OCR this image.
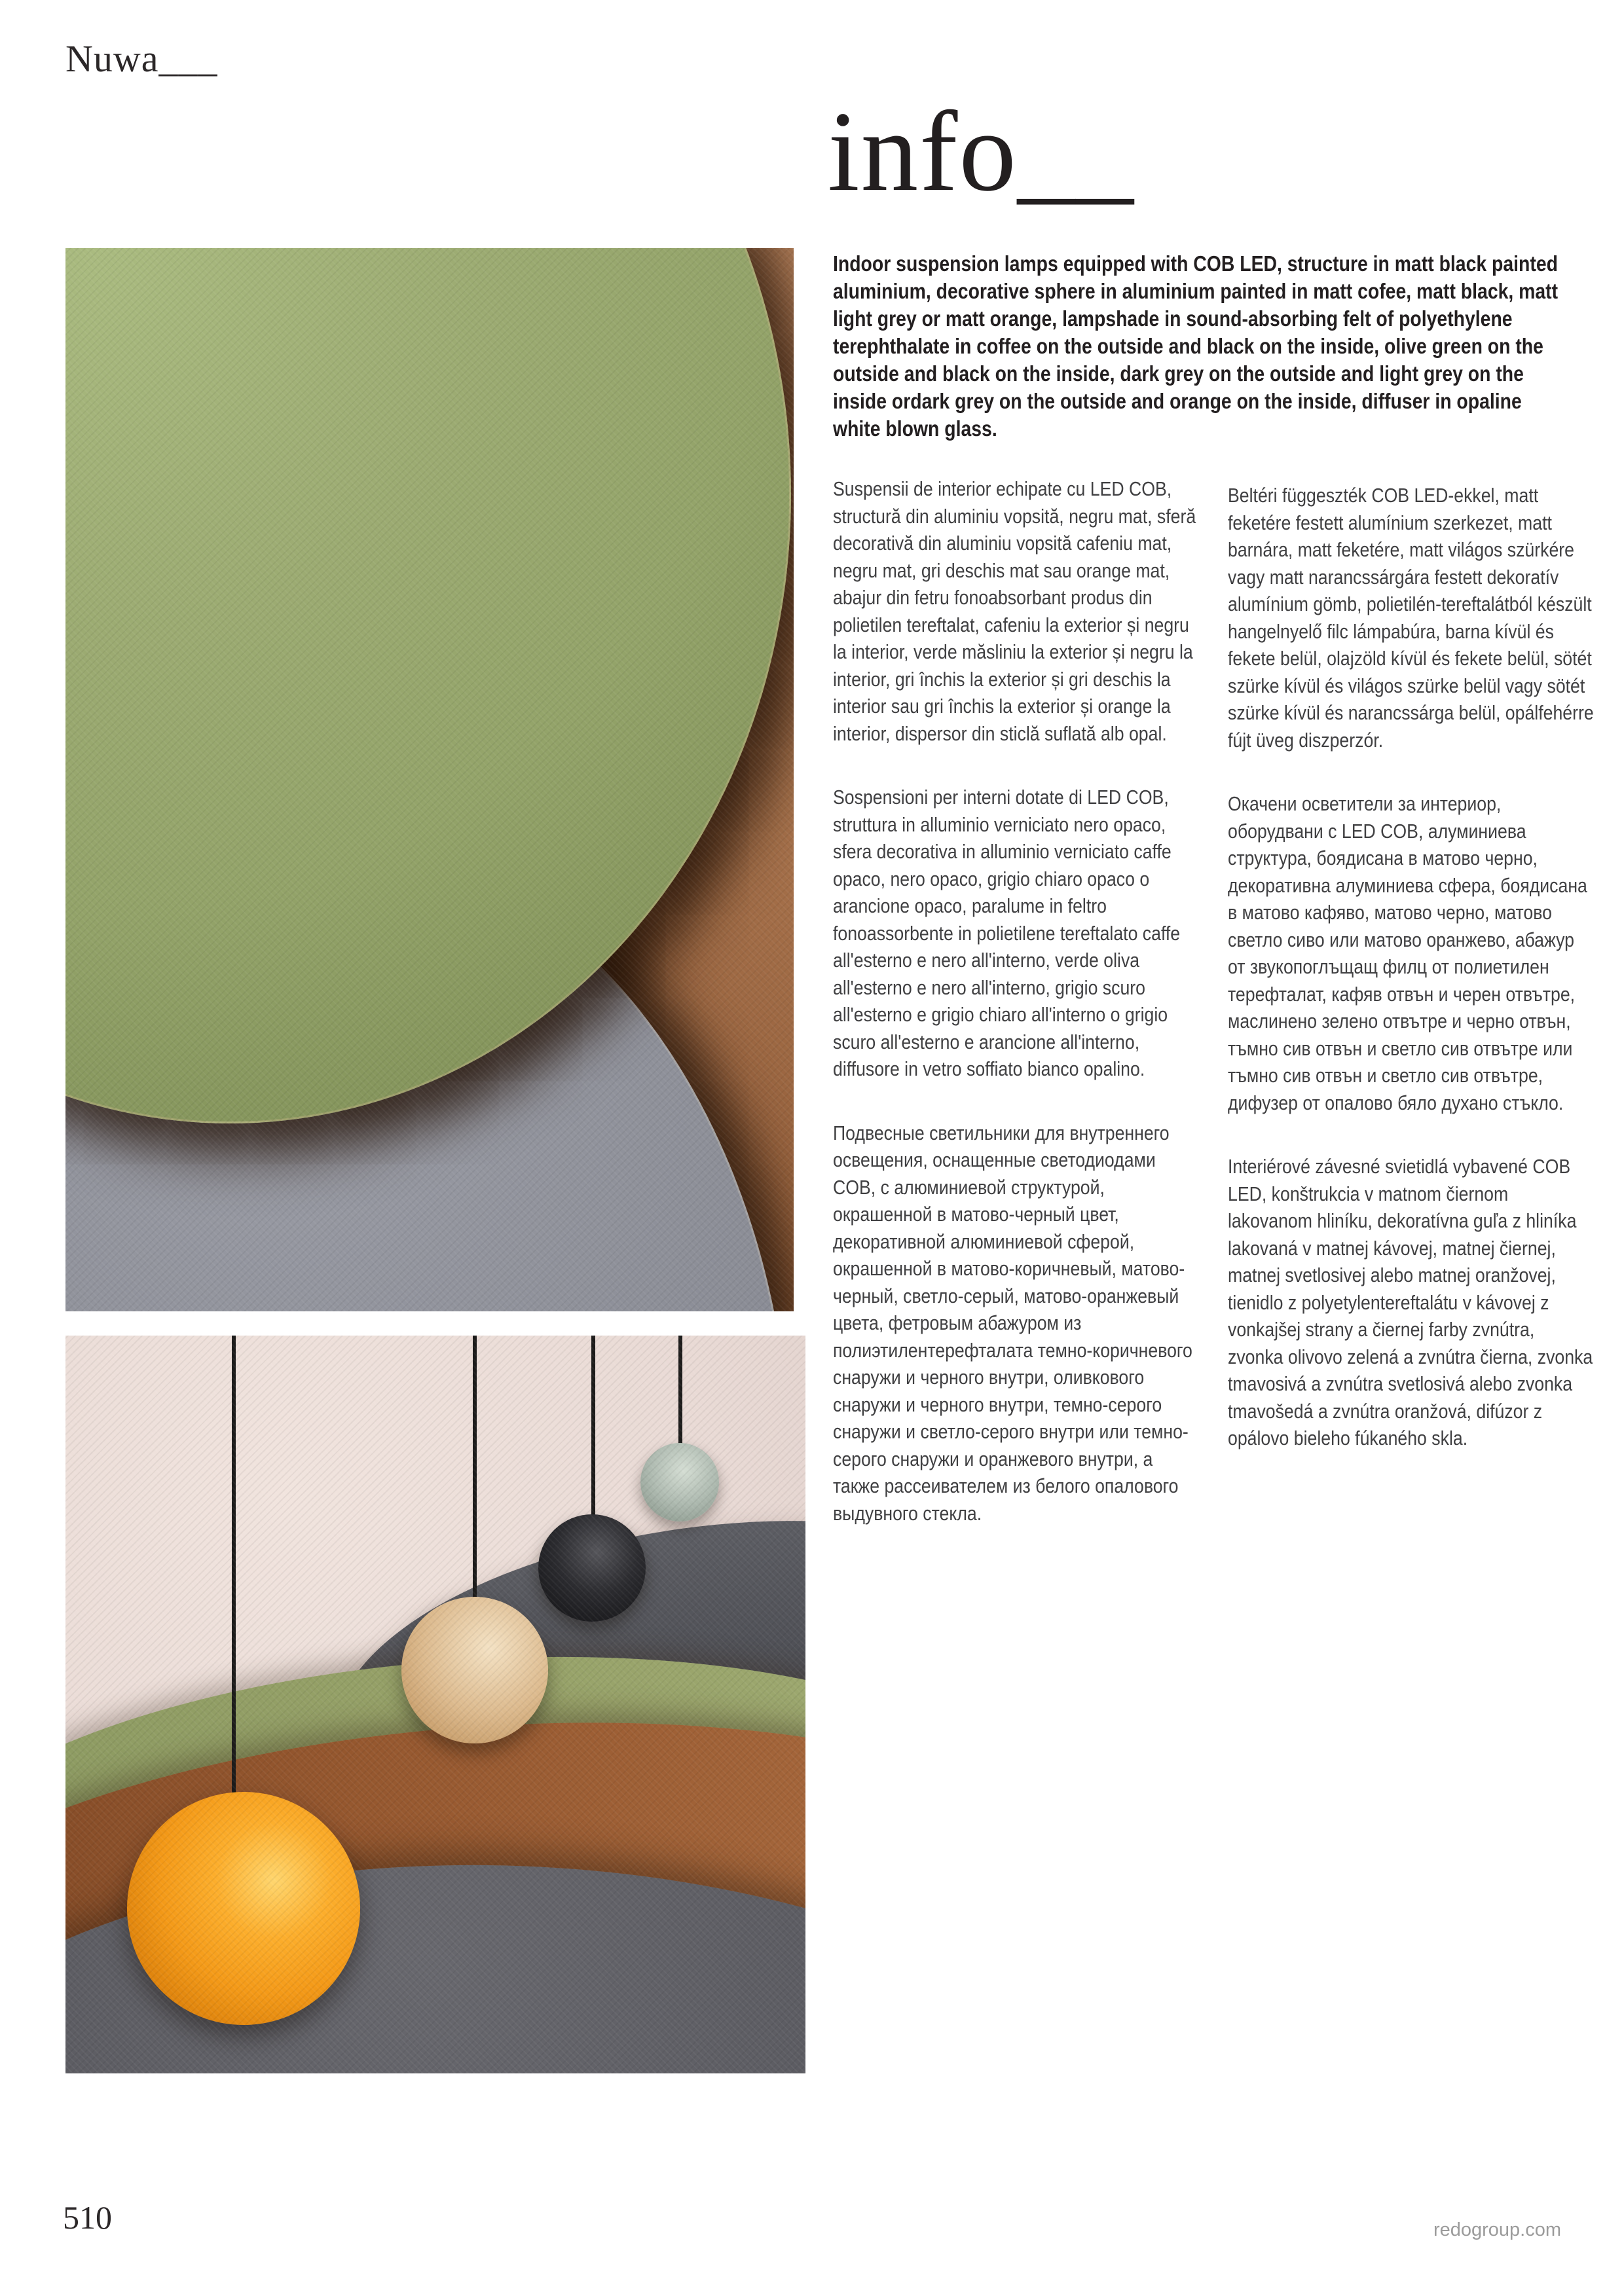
Nuwa___
info__
Indoor suspension lamps equipped with COB LED, structure in matt black painted aluminium, decorative sphere in aluminium painted in matt cofee, matt black, matt light grey or matt orange, lampshade in sound-absorbing felt of polyethylene terephthalate in coffee on the outside and black on the inside, olive green on the outside and black on the inside, dark grey on the outside and light grey on the inside ordark grey on the outside and orange on the inside, diffuser in opaline white blown glass.

Suspensii de interior echipate cu LED COB, structură din aluminiu vopsită, negru mat, sferă decorativă din aluminiu vopsită cafeniu mat, negru mat, gri deschis mat sau orange mat, abajur din fetru fonoabsorbant produs din polietilen tereftalat, cafeniu la exterior și negru la interior, verde măsliniu la exterior și negru la interior, gri închis la exterior și gri deschis la interior sau gri închis la exterior și orange la interior, dispersor din sticlă suflată alb opal.

Sospensioni per interni dotate di LED COB, struttura in alluminio verniciato nero opaco, sfera decorativa in alluminio verniciato caffe opaco, nero opaco, grigio chiaro opaco o arancione opaco, paralume in feltro fonoassorbente in polietilene tereftalato caffe all'esterno e nero all'interno, verde oliva all'esterno e nero all'interno, grigio scuro all'esterno e grigio chiaro all'interno o grigio scuro all'esterno e arancione all'interno, diffusore in vetro soffiato bianco opalino.

Подвесные светильники для внутреннего освещения, оснащенные светодиодами COB, с алюминиевой структурой, окрашенной в матово-черный цвет, декоративной алюминиевой сферой, окрашенной в матово-коричневый, матово-черный, светло-серый, матово-оранжевый цвета, фетровым абажуром из полиэтилентерефталата темно-коричневого снаружи и черного внутри, оливкового снаружи и черного внутри, темно-серого снаружи и светло-серого внутри или темно-серого снаружи и оранжевого внутри, а также рассеивателем из белого опалового выдувного стекла.

Beltéri függeszték COB LED-ekkel, matt feketére festett alumínium szerkezet, matt barnára, matt feketére, matt világos szürkére vagy matt narancssárgára festett dekoratív alumínium gömb, polietilén-tereftalátból készült hangelnyelő filc lámpabúra, barna kívül és fekete belül, olajzöld kívül és fekete belül, sötét szürke kívül és világos szürke belül vagy sötét szürke kívül és narancssárga belül, opálfehérre fújt üveg diszperzór.

Окачени осветители за интериор, оборудвани с LED COB, алуминиева структура, боядисана в матово черно, декоративна алуминиева сфера, боядисана в матово кафяво, матово черно, матово светло сиво или матово оранжево, абажур от звукопоглъщащ филц от полиетилен терефталат, кафяв отвън и черен отвътре, маслинено зелено отвътре и черно отвън, тъмно сив отвън и светло сив отвътре или тъмно сив отвън и светло сив отвътре, дифузер от опалово бяло духано стъкло.

Interiérové závesné svietidlá vybavené COB LED, konštrukcia v matnom čiernom lakovanom hliníku, dekoratívna guľa z hliníka lakovaná v matnej kávovej, matnej čiernej, matnej svetlosivej alebo matnej oranžovej, tienidlo z polyetylentereftalátu v kávovej z vonkajšej strany a čiernej farby zvnútra, zvonka olivovo zelená a zvnútra čierna, zvonka tmavosivá a zvnútra svetlosivá alebo zvonka tmavošedá a zvnútra oranžová, difúzor z opálovo bieleho fúkaného skla.

510	redogroup.com
